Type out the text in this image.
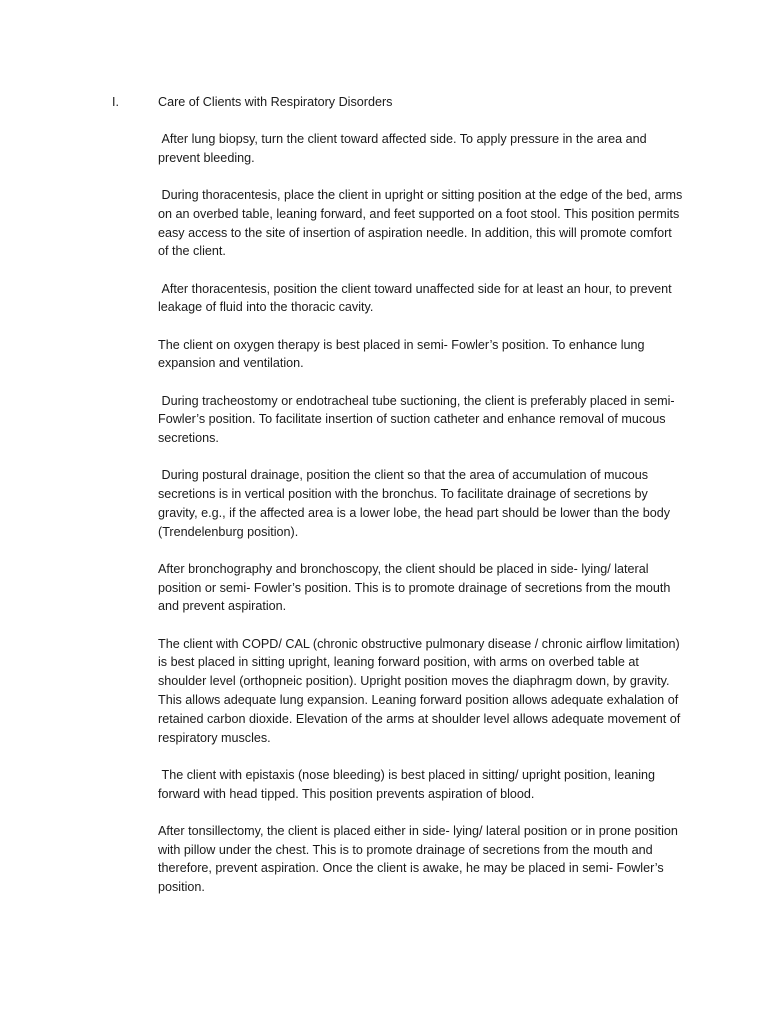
I.	Care of Clients with Respiratory Disorders

After lung biopsy, turn the client toward affected side. To apply pressure in the area and prevent bleeding.

During thoracentesis, place the client in upright or sitting position at the edge of the bed, arms on an overbed table, leaning forward, and feet supported on a foot stool. This position permits easy access to the site of insertion of aspiration needle. In addition, this will promote comfort of the client.

After thoracentesis, position the client toward unaffected side for at least an hour, to prevent leakage of fluid into the thoracic cavity.

The client on oxygen therapy is best placed in semi- Fowler’s position. To enhance lung expansion and ventilation.

During tracheostomy or endotracheal tube suctioning, the client is preferably placed in semi- Fowler’s position. To facilitate insertion of suction catheter and enhance removal of mucous secretions.

During postural drainage, position the client so that the area of accumulation of mucous secretions is in vertical position with the bronchus. To facilitate drainage of secretions by gravity, e.g., if the affected area is a lower lobe, the head part should be lower than the body (Trendelenburg position).

After bronchography and bronchoscopy, the client should be placed in side- lying/ lateral position or semi- Fowler’s position. This is to promote drainage of secretions from the mouth and prevent aspiration.

The client with COPD/ CAL (chronic obstructive pulmonary disease / chronic airflow limitation) is best placed in sitting upright, leaning forward position, with arms on overbed table at shoulder level (orthopneic position). Upright position moves the diaphragm down, by gravity. This allows adequate lung expansion. Leaning forward position allows adequate exhalation of retained carbon dioxide. Elevation of the arms at shoulder level allows adequate movement of respiratory muscles.

The client with epistaxis (nose bleeding) is best placed in sitting/ upright position, leaning forward with head tipped. This position prevents aspiration of blood.

After tonsillectomy, the client is placed either in side- lying/ lateral position or in prone position with pillow under the chest. This is to promote drainage of secretions from the mouth and therefore, prevent aspiration. Once the client is awake, he may be placed in semi- Fowler’s position.
